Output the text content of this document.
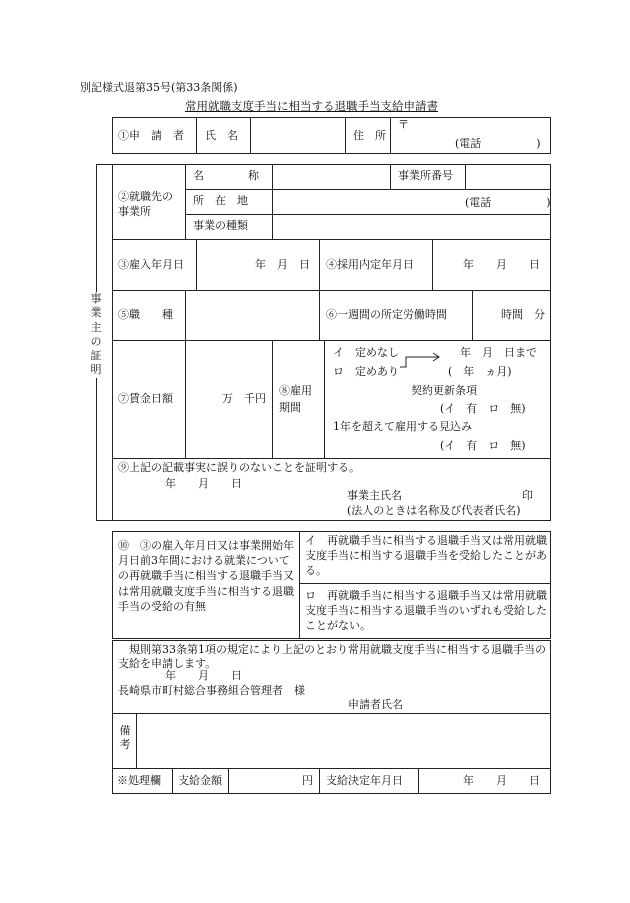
別記様式退第35号(第33条関係)
常用就職支度手当に相当する退職手当支給申請書
①申　請　者 氏　名	住　所
〒
(電話　　　　　)
事
業
主
の
証
明
②就職先の事業所
名　　　　称	事業所番号
所　在　地	(電話　　　　　)
事業の種類
③雇入年月日	年　月　日 ④採用内定年月日	年　　月　　日
⑤職　　種	⑥一週間の所定労働時間	時間　分
⑦賃金日額	万　千円
⑧雇用期間
イ　定めなし	年　月　日まで
ロ　定めあり	(　年　ヵ月)
契約更新条項
(イ　有　ロ　無)
1年を超えて雇用する見込み
(イ　有　ロ　無)
⑨上記の記載事実に誤りのないことを証明する。
年　　月　　日
事業主氏名	印
(法人のときは名称及び代表者氏名)
⑩　③の雇入年月日又は事業開始年月日前3年間における就業についての再就職手当に相当する退職手当又は常用就職支度手当に相当する退職手当の受給の有無
イ　再就職手当に相当する退職手当又は常用就職支度手当に相当する退職手当を受給したことがある。
ロ　再就職手当に相当する退職手当又は常用就職支度手当に相当する退職手当のいずれも受給したことがない。
規則第33条第1項の規定により上記のとおり常用就職支度手当に相当する退職手当の支給を申請します。
年　　月　　日
長崎県市町村総合事務組合管理者　様
申請者氏名
備考
※処理欄 支給金額	円 支給決定年月日	年　　月　　日
